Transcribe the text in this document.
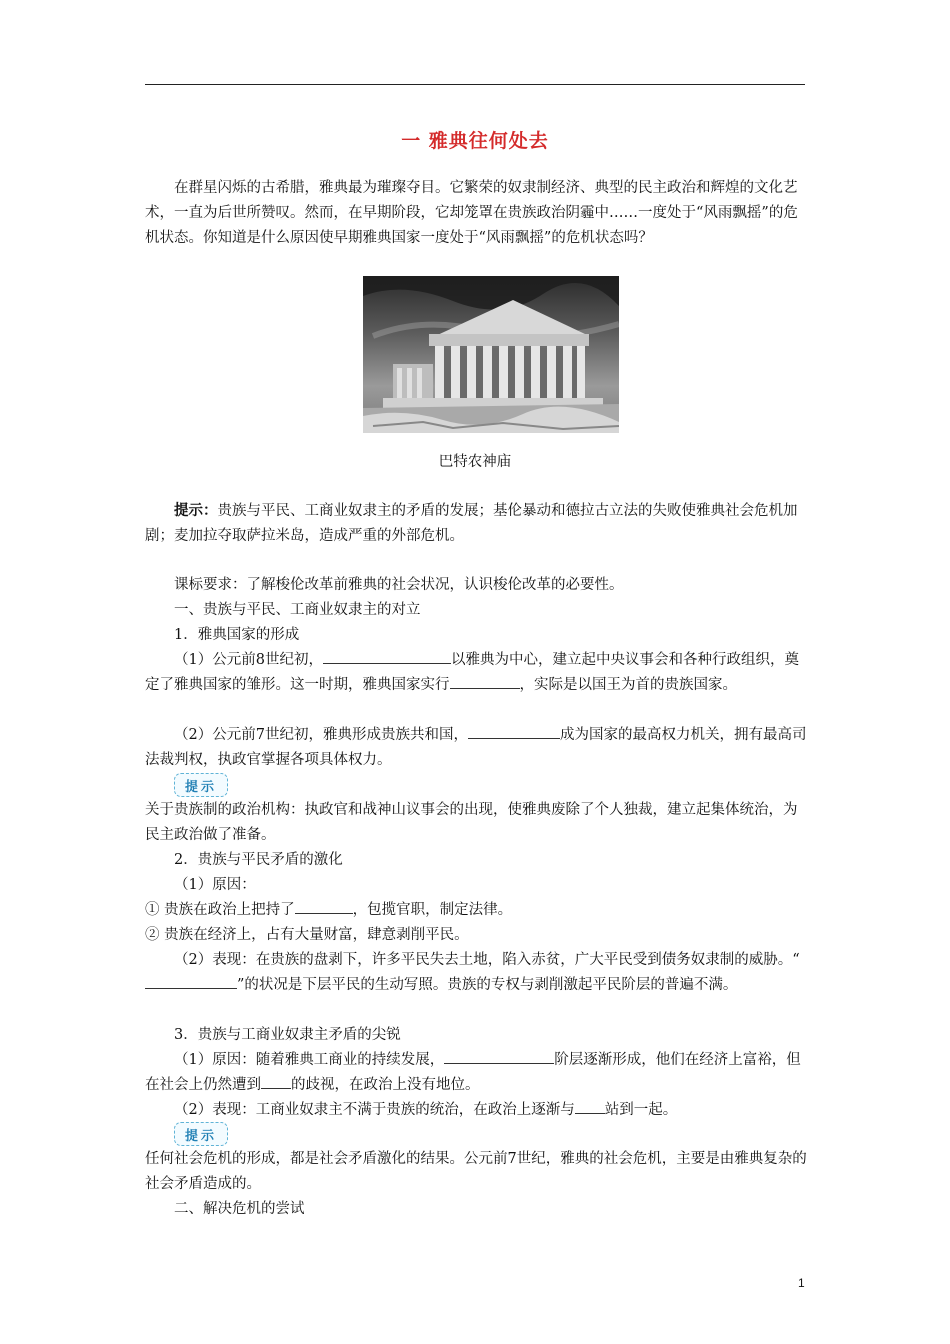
一 雅典往何处去

在群星闪烁的古希腊，雅典最为璀璨夺目。它繁荣的奴隶制经济、典型的民主政治和辉煌的文化艺术，一直为后世所赞叹。然而，在早期阶段，它却笼罩在贵族政治阴霾中……一度处于“风雨飘摇”的危机状态。你知道是什么原因使早期雅典国家一度处于“风雨飘摇”的危机状态吗？

巴特农神庙

提示：贵族与平民、工商业奴隶主的矛盾的发展；基伦暴动和德拉古立法的失败使雅典社会危机加剧；麦加拉夺取萨拉米岛，造成严重的外部危机。

课标要求：了解梭伦改革前雅典的社会状况，认识梭伦改革的必要性。

一、贵族与平民、工商业奴隶主的对立

1．雅典国家的形成

（1）公元前8世纪初，	以雅典为中心，建立起中央议事会和各种行政组织，奠定了雅典国家的雏形。这一时期，雅典国家实行	，实际是以国王为首的贵族国家。

（2）公元前7世纪初，雅典形成贵族共和国，	成为国家的最高权力机关，拥有最高司法裁判权，执政官掌握各项具体权力。

提示

关于贵族制的政治机构：执政官和战神山议事会的出现，使雅典废除了个人独裁，建立起集体统治，为民主政治做了准备。

2．贵族与平民矛盾的激化

（1）原因：

① 贵族在政治上把持了	，包揽官职，制定法律。

② 贵族在经济上，占有大量财富，肆意剥削平民。

（2）表现：在贵族的盘剥下，许多平民失去土地，陷入赤贫，广大平民受到债务奴隶制的威胁。“”的状况是下层平民的生动写照。贵族的专权与剥削激起平民阶层的普遍不满。

3．贵族与工商业奴隶主矛盾的尖锐

（1）原因：随着雅典工商业的持续发展，	阶层逐渐形成，他们在经济上富裕，但在社会上仍然遭到 的歧视，在政治上没有地位。

（2）表现：工商业奴隶主不满于贵族的统治，在政治上逐渐与 站到一起。

提示

任何社会危机的形成，都是社会矛盾激化的结果。公元前7世纪，雅典的社会危机，主要是由雅典复杂的社会矛盾造成的。

二、解决危机的尝试

1
